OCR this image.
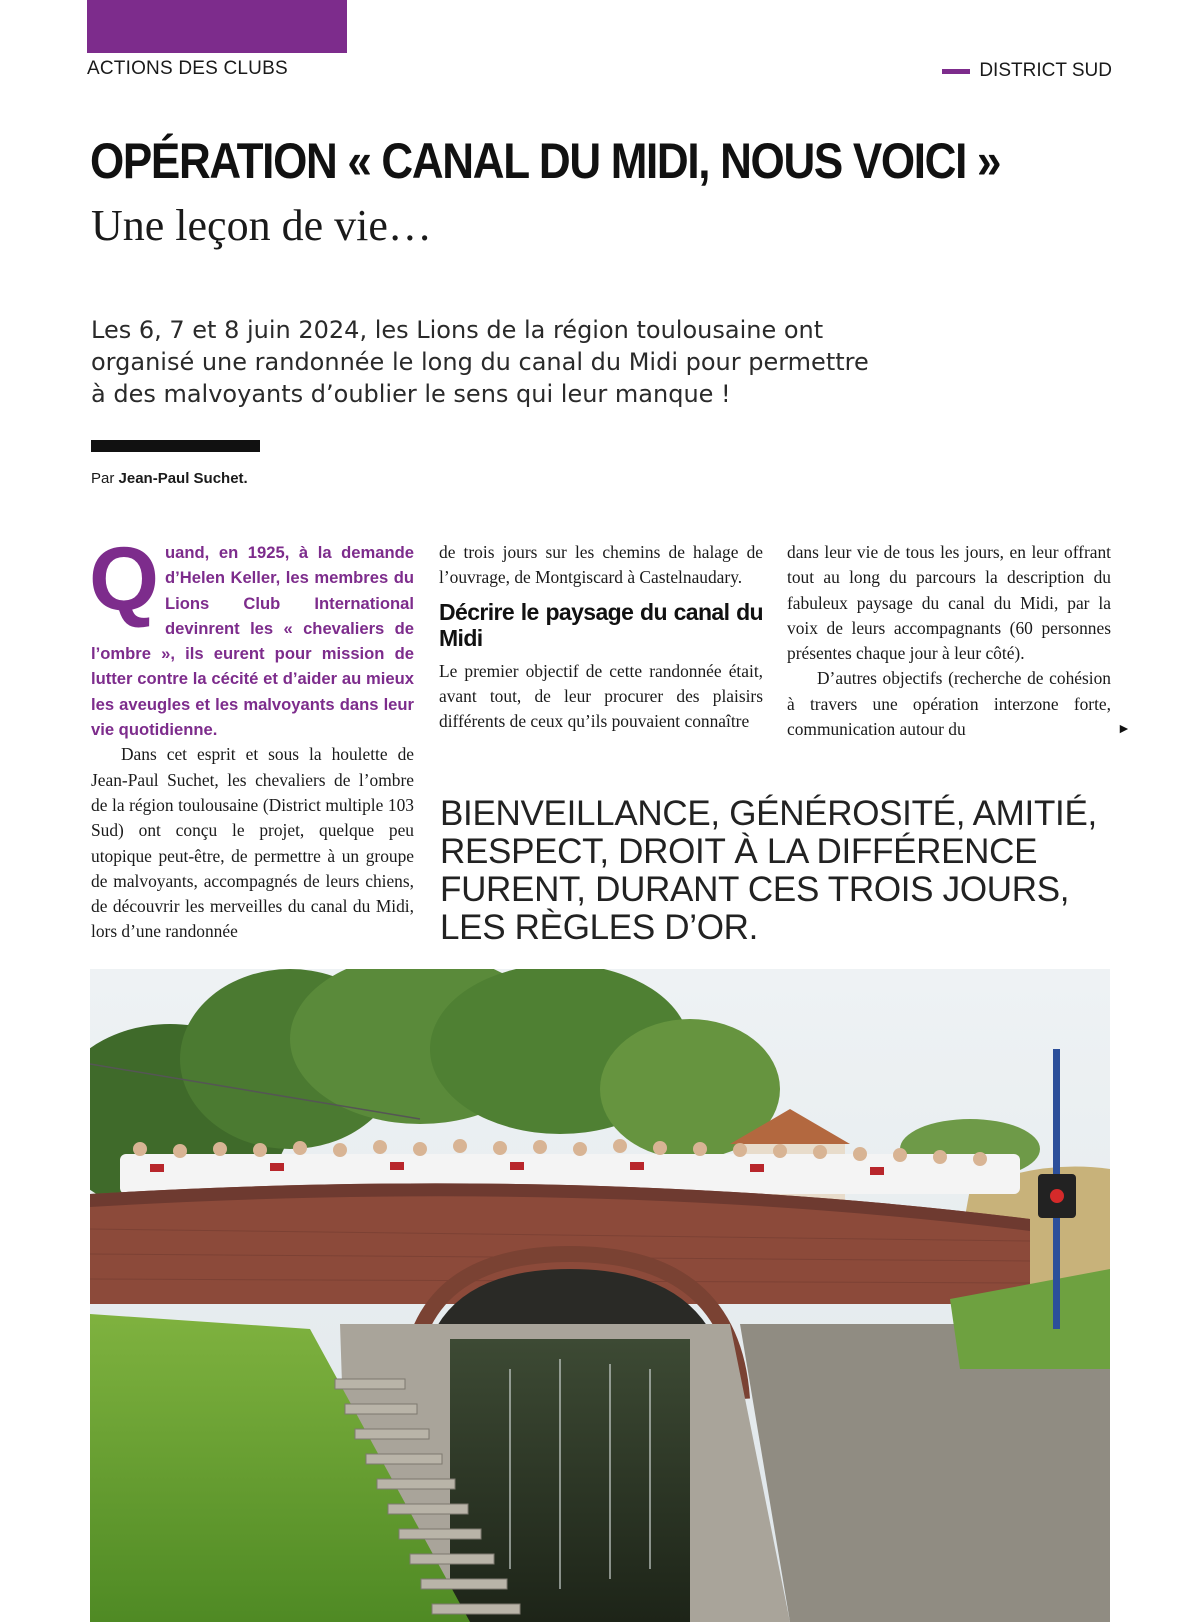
ACTIONS DES CLUBS	DISTRICT SUD
OPÉRATION « CANAL DU MIDI, NOUS VOICI »
Une leçon de vie…
Les 6, 7 et 8 juin 2024, les Lions de la région toulousaine ont organisé une randonnée le long du canal du Midi pour permettre à des malvoyants d’oublier le sens qui leur manque !
Par Jean-Paul Suchet.

Quand, en 1925, à la demande d’Helen Keller, les membres du Lions Club International devinrent les « chevaliers de l’ombre », ils eurent pour mission de lutter contre la cécité et d’aider au mieux les aveugles et les malvoyants dans leur vie quotidienne.

Dans cet esprit et sous la houlette de Jean-Paul Suchet, les chevaliers de l’ombre de la région toulousaine (District multiple 103 Sud) ont conçu le projet, quelque peu utopique peut-être, de permettre à un groupe de malvoyants, accompagnés de leurs chiens, de découvrir les merveilles du canal du Midi, lors d’une randonnée

de trois jours sur les chemins de halage de l’ouvrage, de Montgiscard à Castelnaudary.

Décrire le paysage du canal du Midi

Le premier objectif de cette randonnée était, avant tout, de leur procurer des plaisirs différents de ceux qu’ils pouvaient connaître

dans leur vie de tous les jours, en leur offrant tout au long du parcours la description du fabuleux paysage du canal du Midi, par la voix de leurs accompagnants (60 personnes présentes chaque jour à leur côté).

D’autres objectifs (recherche de cohésion à travers une opération interzone forte, communication autour du	►
BIENVEILLANCE, GÉNÉROSITÉ, AMITIÉ, RESPECT, DROIT À LA DIFFÉRENCE FURENT, DURANT CES TROIS JOURS, LES RÈGLES D’OR.
